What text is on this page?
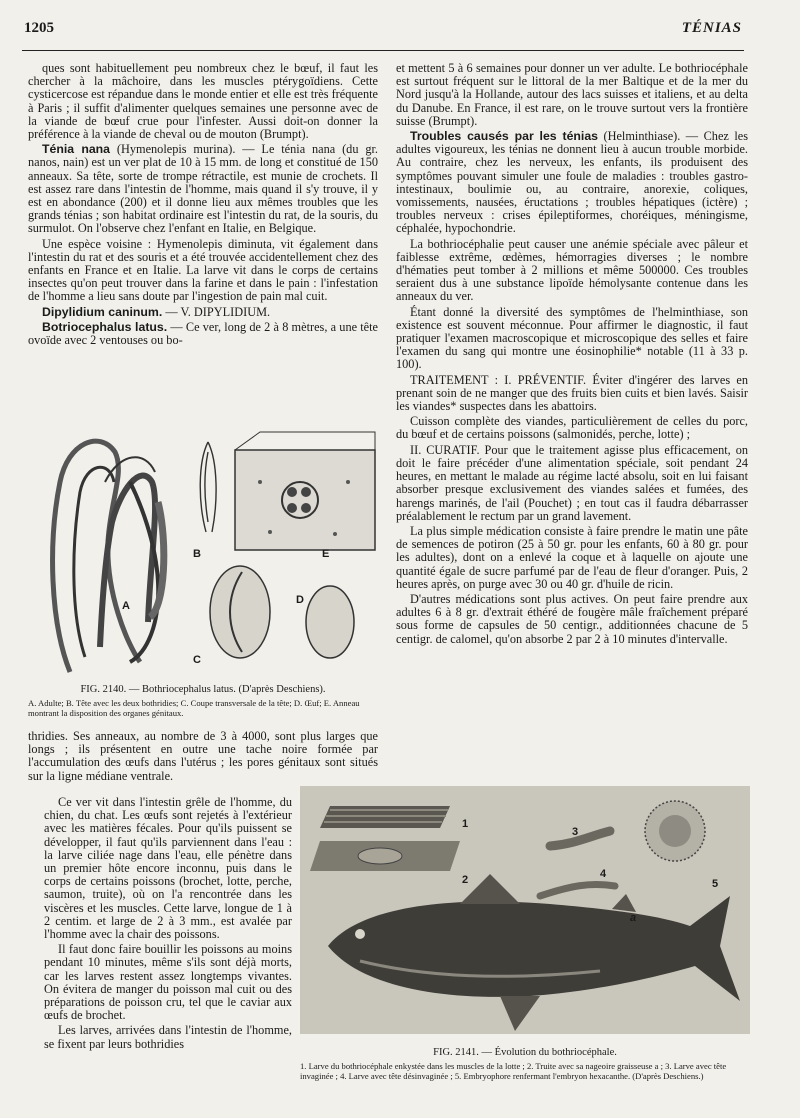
1205	TÉNIAS

ques sont habituellement peu nombreux chez le bœuf, il faut les chercher à la mâchoire, dans les muscles ptérygoïdiens. Cette cysticercose est répandue dans le monde entier et elle est très fréquente à Paris ; il suffit d'alimenter quelques semaines une personne avec de la viande de bœuf crue pour l'infester. Aussi doit-on donner la préférence à la viande de cheval ou de mouton (Brumpt).

Ténia nana (Hymenolepis murina). — Le ténia nana (du gr. nanos, nain) est un ver plat de 10 à 15 mm. de long et constitué de 150 anneaux. Sa tête, sorte de trompe rétractile, est munie de crochets. Il est assez rare dans l'intestin de l'homme, mais quand il s'y trouve, il y est en abondance (200) et il donne lieu aux mêmes troubles que les grands ténias ; son habitat ordinaire est l'intestin du rat, de la souris, du surmulot. On l'observe chez l'enfant en Italie, en Belgique.

Une espèce voisine : Hymenolepis diminuta, vit également dans l'intestin du rat et des souris et a été trouvée accidentellement chez des enfants en France et en Italie. La larve vit dans le corps de certains insectes qu'on peut trouver dans la farine et dans le pain : l'infestation de l'homme a lieu sans doute par l'ingestion de pain mal cuit.

Dipylidium caninum. — V. DIPYLIDIUM.

Botriocephalus latus. — Ce ver, long de 2 à 8 mètres, a une tête ovoïde avec 2 ventouses ou bo-

A
B
C
D
E
FIG. 2140. — Bothriocephalus latus. (D'après Deschiens).
A. Adulte; B. Tête avec les deux bothridies; C. Coupe transversale de la tête; D. Œuf; E. Anneau montrant la disposition des organes génitaux.

thridies. Ses anneaux, au nombre de 3 à 4000, sont plus larges que longs ; ils présentent en outre une tache noire formée par l'accumulation des œufs dans l'utérus ; les pores génitaux sont situés sur la ligne médiane ventrale.

Ce ver vit dans l'intestin grêle de l'homme, du chien, du chat. Les œufs sont rejetés à l'extérieur avec les matières fécales. Pour qu'ils puissent se développer, il faut qu'ils parviennent dans l'eau : la larve ciliée nage dans l'eau, elle pénètre dans un premier hôte encore inconnu, puis dans le corps de certains poissons (brochet, lotte, perche, saumon, truite), où on l'a rencontrée dans les viscères et les muscles. Cette larve, longue de 1 à 2 centim. et large de 2 à 3 mm., est avalée par l'homme avec la chair des poissons.

Il faut donc faire bouillir les poissons au moins pendant 10 minutes, même s'ils sont déjà morts, car les larves restent assez longtemps vivantes. On évitera de manger du poisson mal cuit ou des préparations de poisson cru, tel que le caviar aux œufs de brochet.

Les larves, arrivées dans l'intestin de l'homme, se fixent par leurs bothridies

et mettent 5 à 6 semaines pour donner un ver adulte. Le bothriocéphale est surtout fréquent sur le littoral de la mer Baltique et de la mer du Nord jusqu'à la Hollande, autour des lacs suisses et italiens, et au delta du Danube. En France, il est rare, on le trouve surtout vers la frontière suisse (Brumpt).

Troubles causés par les ténias (Helminthiase). — Chez les adultes vigoureux, les ténias ne donnent lieu à aucun trouble morbide. Au contraire, chez les nerveux, les enfants, ils produisent des symptômes pouvant simuler une foule de maladies : troubles gastro-intestinaux, boulimie ou, au contraire, anorexie, coliques, vomissements, nausées, éructations ; troubles hépatiques (ictère) ; troubles nerveux : crises épileptiformes, choréiques, méningisme, céphalée, hypochondrie.

La bothriocéphalie peut causer une anémie spéciale avec pâleur et faiblesse extrême, œdèmes, hémorragies diverses ; le nombre d'hématies peut tomber à 2 millions et même 500000. Ces troubles seraient dus à une substance lipoïde hémolysante contenue dans les anneaux du ver.

Étant donné la diversité des symptômes de l'helminthiase, son existence est souvent méconnue. Pour affirmer le diagnostic, il faut pratiquer l'examen macroscopique et microscopique des selles et faire l'examen du sang qui montre une éosinophilie* notable (11 à 33 p. 100).

TRAITEMENT : I. PRÉVENTIF. Éviter d'ingérer des larves en prenant soin de ne manger que des fruits bien cuits et bien lavés. Saisir les viandes* suspectes dans les abattoirs.

Cuisson complète des viandes, particulièrement de celles du porc, du bœuf et de certains poissons (salmonidés, perche, lotte) ;

II. CURATIF. Pour que le traitement agisse plus efficacement, on doit le faire précéder d'une alimentation spéciale, soit pendant 24 heures, en mettant le malade au régime lacté absolu, soit en lui faisant absorber presque exclusivement des viandes salées et fumées, des harengs marinés, de l'ail (Pouchet) ; en tout cas il faudra débarrasser préalablement le rectum par un grand lavement.

La plus simple médication consiste à faire prendre le matin une pâte de semences de potiron (25 à 50 gr. pour les enfants, 60 à 80 gr. pour les adultes), dont on a enlevé la coque et à laquelle on ajoute une quantité égale de sucre parfumé par de l'eau de fleur d'oranger. Puis, 2 heures après, on purge avec 30 ou 40 gr. d'huile de ricin.

D'autres médications sont plus actives. On peut faire prendre aux adultes 6 à 8 gr. d'extrait éthéré de fougère mâle fraîchement préparé sous forme de capsules de 50 centigr., additionnées chacune de 5 centigr. de calomel, qu'on absorbe 2 par 2 à 10 minutes d'intervalle.

1
2
3
4
5
a
FIG. 2141. — Évolution du bothriocéphale.
1. Larve du bothriocéphale enkystée dans les muscles de la lotte ; 2. Truite avec sa nageoire graisseuse a ; 3. Larve avec tête invaginée ; 4. Larve avec tête désinvaginée ; 5. Embryophore renfermant l'embryon hexacanthe. (D'après Deschiens.)
